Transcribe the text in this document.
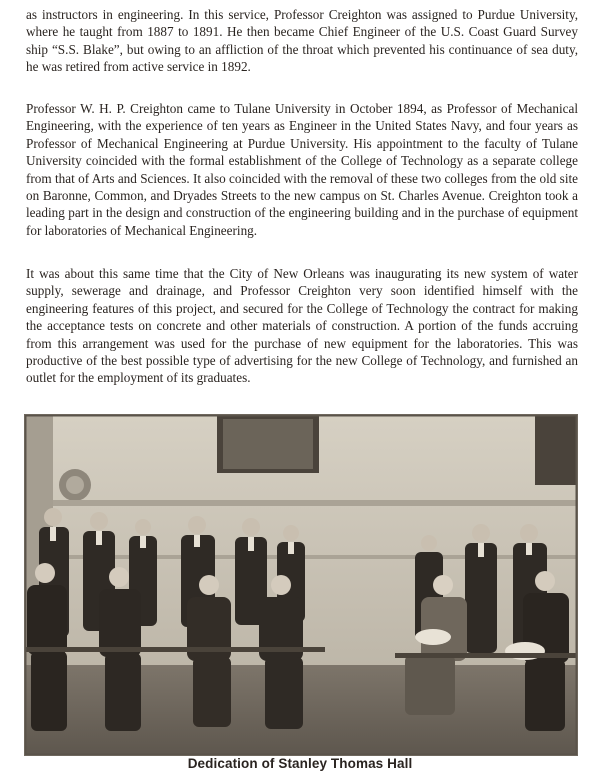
as instructors in engineering. In this service, Professor Creighton was assigned to Purdue University, where he taught from 1887 to 1891. He then became Chief Engineer of the U.S. Coast Guard Survey ship “S.S. Blake”, but owing to an affliction of the throat which prevented his continuance of sea duty, he was retired from active service in 1892.

Professor W. H. P. Creighton came to Tulane University in October 1894, as Professor of Mechanical Engineering, with the experience of ten years as Engineer in the United States Navy, and four years as Professor of Mechanical Engineering at Purdue University. His appointment to the faculty of Tulane University coincided with the formal establishment of the College of Technology as a separate college from that of Arts and Sciences. It also coincided with the removal of these two colleges from the old site on Baronne, Common, and Dryades Streets to the new campus on St. Charles Avenue. Creighton took a leading part in the design and construction of the engineering building and in the purchase of equipment for laboratories of Mechanical Engineering.

It was about this same time that the City of New Orleans was inaugurating its new system of water supply, sewerage and drainage, and Professor Creighton very soon identified himself with the engineering features of this project, and secured for the College of Technology the contract for making the acceptance tests on concrete and other materials of construction. A portion of the funds accruing from this arrangement was used for the purchase of new equipment for the laboratories. This was productive of the best possible type of advertising for the new College of Technology, and furnished an outlet for the employment of its graduates.

Dedication of Stanley Thomas Hall
